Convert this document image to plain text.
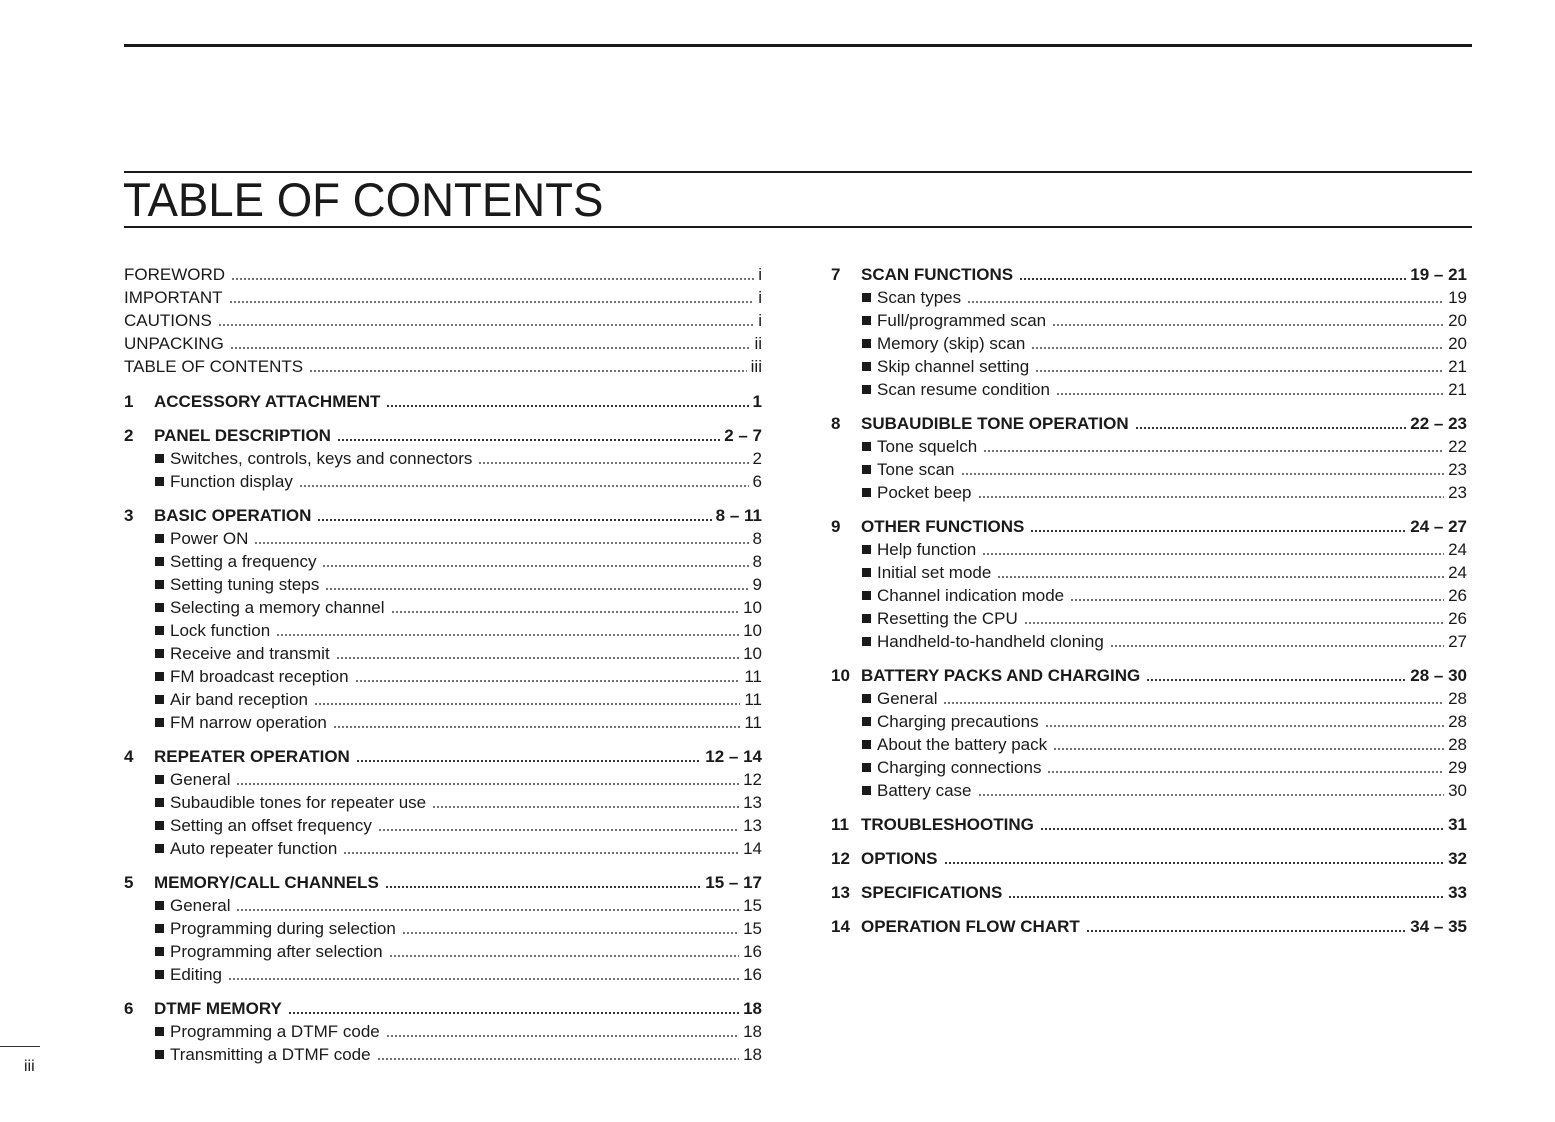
TABLE OF CONTENTS
FOREWORD	i
IMPORTANT	i
CAUTIONS	i
UNPACKING	ii
TABLE OF CONTENTS	iii
1	ACCESSORY ATTACHMENT	1
2	PANEL DESCRIPTION	2 – 7
Switches, controls, keys and connectors	2
Function display	6
3	BASIC OPERATION	8 – 11
Power ON	8
Setting a frequency	8
Setting tuning steps	9
Selecting a memory channel	10
Lock function	10
Receive and transmit	10
FM broadcast reception	11
Air band reception	11
FM narrow operation	11
4	REPEATER OPERATION	12 – 14
General	12
Subaudible tones for repeater use	13
Setting an offset frequency	13
Auto repeater function	14
5	MEMORY/CALL CHANNELS	15 – 17
General	15
Programming during selection	15
Programming after selection	16
Editing	16
6	DTMF MEMORY	18
Programming a DTMF code	18
Transmitting a DTMF code	18
7	SCAN FUNCTIONS	19 – 21
Scan types	19
Full/programmed scan	20
Memory (skip) scan	20
Skip channel setting	21
Scan resume condition	21
8	SUBAUDIBLE TONE OPERATION	22 – 23
Tone squelch	22
Tone scan	23
Pocket beep	23
9	OTHER FUNCTIONS	24 – 27
Help function	24
Initial set mode	24
Channel indication mode	26
Resetting the CPU	26
Handheld-to-handheld cloning	27
10 BATTERY PACKS AND CHARGING	28 – 30
General	28
Charging precautions	28
About the battery pack	28
Charging connections	29
Battery case	30
11 TROUBLESHOOTING	31
12 OPTIONS	32
13 SPECIFICATIONS	33
14 OPERATION FLOW CHART	34 – 35
iii
